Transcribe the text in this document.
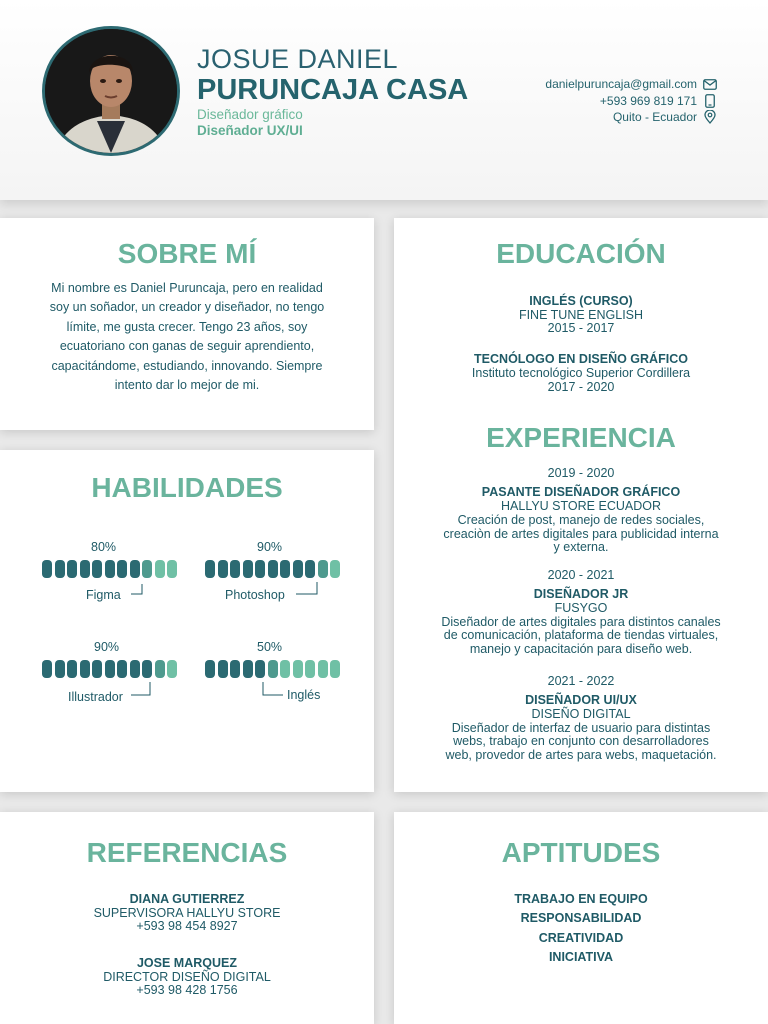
JOSUE DANIEL
PURUNCAJA CASA
Diseñador gráfico
Diseñador UX/UI
danielpuruncaja@gmail.com
+593 969 819 171
Quito - Ecuador
SOBRE MÍ
Mi nombre es Daniel Puruncaja, pero en realidad
soy un soñador, un creador y diseñador, no tengo
límite, me gusta crecer. Tengo 23 años, soy
ecuatoriano con ganas de seguir aprendiento,
capacitándome, estudiando, innovando. Siempre
intento dar lo mejor de mi.
HABILIDADES
80%
Figma
90%
Photoshop
90%
Illustrador
50%
Inglés
EDUCACIÓN
INGLÉS (CURSO)
FINE TUNE ENGLISH
2015 - 2017
TECNÓLOGO EN DISEÑO GRÁFICO
Instituto tecnológico Superior Cordillera
2017 - 2020
EXPERIENCIA
2019 - 2020
PASANTE DISEÑADOR GRÁFICO
HALLYU STORE ECUADOR
Creación de post, manejo de redes sociales,
creaciòn de artes digitales para publicidad interna
y externa.
2020 - 2021
DISEÑADOR JR
FUSYGO
Diseñador de artes digitales para distintos canales
de comunicación, plataforma de tiendas virtuales,
manejo y capacitación para diseño web.
2021 - 2022
DISEÑADOR UI/UX
DISEÑO DIGITAL
Diseñador de interfaz de usuario para distintas
webs, trabajo en conjunto con desarrolladores
web, provedor de artes para webs, maquetación.
REFERENCIAS
DIANA GUTIERREZ
SUPERVISORA HALLYU STORE
+593 98 454 8927
JOSE MARQUEZ
DIRECTOR DISEÑO DIGITAL
+593 98 428 1756
APTITUDES
TRABAJO EN EQUIPO
RESPONSABILIDAD
CREATIVIDAD
INICIATIVA
